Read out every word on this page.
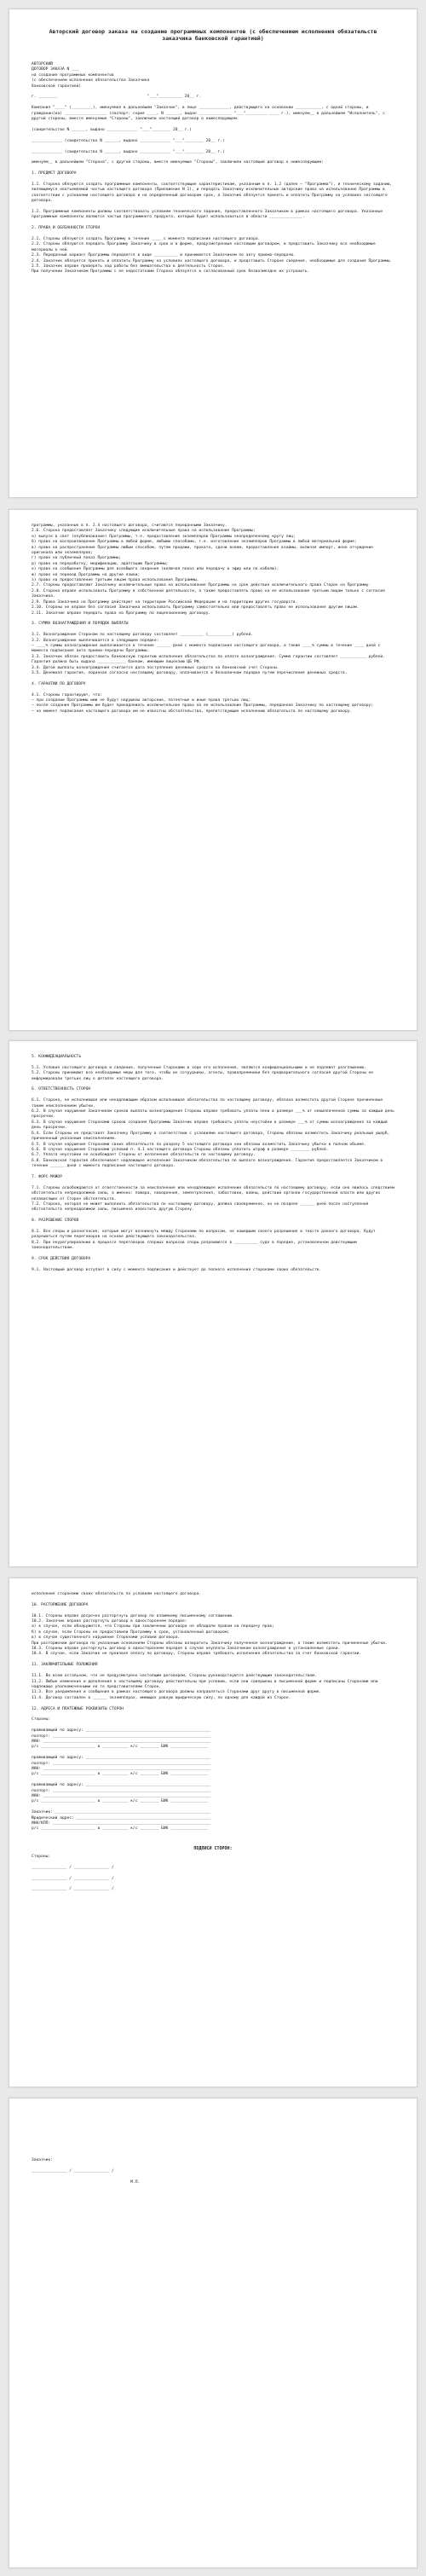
Авторский договор заказа на создание программных компонентов (с обеспечением исполнения обязательств заказчика банковской гарантией)
АВТОРСКИЙ
ДОГОВОР ЗАКАЗА N ___
на создание программных компонентов
(с обеспечением исполнения обязательства Заказчика
банковской гарантией)

г. ________                                      "___"__________ 20__ г.

Компания "____" (_________), именуемая в дальнейшем "Заказчик", в лице _____________, действующего на основании ___________, с одной стороны, и гражданин(ка) __________________ (паспорт: серия ____, N ______, выдан ______________ "___"_________ ____ г.), именуем__ в дальнейшем "Исполнитель", с другой стороны, вместе именуемые "Стороны", заключили настоящий договор о нижеследующем:

(свидетельство N ______, выдано _____________ "___"________ 20__ г.)

_____________ (свидетельство N ______, выдано _____________ "___"________ 20__ г.)

_____________ (свидетельство N ______, выдано _____________ "___"________ 20__ г.)

именуем__ в дальнейшем "Сторона", с другой стороны, вместе именуемые "Стороны", заключили настоящий договор о нижеследующем:

1. ПРЕДМЕТ ДОГОВОРА

1.1. Сторона обязуются создать программные компоненты, соответствующие характеристикам, указанным в п. 1.2 (далее — "Программа"), и техническому заданию, являющемуся неотъемлемой частью настоящего договора (Приложение N 1), и передать Заказчику исключительные авторские права на использование Программы в соответствии с условиями настоящего договора и на определенный договором срок, а Заказчик обязуется принять и оплатить Программу на условиях настоящего договора.

1.2. Программные компоненты должны соответствовать условиям технического задания, предоставленного Заказчиком в рамках настоящего договора. Указанные программные компоненты являются частью программного продукта, который будет использоваться в области ______________.

2. ПРАВА И ОБЯЗАННОСТИ СТОРОН

2.1. Стороны обязуются создать Программу в течение ____ с момента подписания настоящего договора.
2.2. Стороны обязуются передать Программу Заказчику в срок и в форме, предусмотренные настоящим договором, и представить Заказчику все необходимые материалы к ней.
2.3. Переданный вариант Программы передается в виде __________ и принимается Заказчиком по акту приема-передачи.
2.4. Заказчик обязуется принять и оплатить Программу на условиях настоящего договора, и представить Стороне сведения, необходимые для создания Программы.
2.5. Заказчик вправе проверять ход работы без вмешательства в деятельность Сторон.
При получении Заказчиком Программы с ее недостатками Сторона обязуется в согласованный срок безвозмездно их устранить.
программы, указанные в п. 2.4 настоящего договора, считаются переданными Заказчику.
2.6. Сторона предоставляет Заказчику следующие исключительные права на использование Программы:
а) выпуск в свет (опубликование) Программы, т.е. предоставление экземпляров Программы неопределенному кругу лиц;
б) право на воспроизведение Программы в любой форме, любыми способами, т.е. изготовление экземпляров Программы в любой материальной форме;
в) право на распространение Программы любым способом, путем продажи, проката, сдачи внаем, предоставления взаймы, включая импорт, иное отчуждение оригинала или экземпляров;
г) право на публичный показ Программы;
д) право на переработку, модификацию, адаптацию Программы;
е) право на сообщение Программы для всеобщего сведения (включая показ или передачу в эфир или по кабелю);
ж) право на перевод Программы на другие языки;
з) право на предоставление третьим лицам права использования Программы.
2.7. Стороны предоставляют Заказчику исключительные права на использование Программы на срок действия исключительного права Сторон на Программу.
2.8. Сторона вправе использовать Программу в собственной деятельности, а также предоставлять право на ее использование третьим лицам только с согласия Заказчика.
2.9. Права Заказчика на Программу действуют на территории Российской Федерации и на территории других государств.
2.10. Стороны не вправе без согласия Заказчика использовать Программу самостоятельно или предоставлять право ее использования другим лицам.
2.11. Заказчик вправе передать права на Программу по лицензионному договору.

3. СУММА ВОЗНАГРАЖДЕНИЯ И ПОРЯДОК ВЫПЛАТЫ

3.1. Вознаграждение Сторонам по настоящему договору составляет __________ (__________) рублей.
3.2. Вознаграждение выплачивается в следующем порядке:
— ____% суммы вознаграждения выплачивается в течение ______ дней с момента подписания настоящего договора, а также ____% суммы в течение ____ дней с момента подписания акта приема-передачи Программы.
3.3. Заказчик обязан предоставить банковскую гарантию исполнения обязательства по оплате вознаграждения. Сумма гарантии составляет ___________ рублей. Гарантия должна быть выдана ____________ банком, имеющим лицензию ЦБ РФ.
3.4. Датой выплаты вознаграждения считается дата поступления денежных средств на банковский счет Стороны.
3.5. Денежная гарантия, поданная согласно настоящему договору, оплачивается в безналичном порядке путем перечисления денежных средств.

4. ГАРАНТИИ ПО ДОГОВОРУ

4.1. Стороны гарантируют, что:
— при создании Программы ими не будут нарушены авторские, патентные и иные права третьих лиц;
— после создания Программы им будет принадлежать исключительное право на ее использование Программы, переданное Заказчику по настоящему договору;
— на момент подписания настоящего договора им не известны обстоятельства, препятствующие исполнению обязательств по настоящему договору.
5. КОНФИДЕНЦИАЛЬНОСТЬ

5.1. Условия настоящего договора и сведения, полученные Сторонами в ходе его исполнения, являются конфиденциальными и не подлежат разглашению.
5.2. Стороны принимают все необходимые меры для того, чтобы их сотрудники, агенты, правопреемники без предварительного согласия другой Стороны не информировали третьих лиц о деталях настоящего договора.

6. ОТВЕТСТВЕННОСТЬ СТОРОН

6.1. Сторона, не исполнившая или ненадлежащим образом исполнившая обязательства по настоящему договору, обязана возместить другой Стороне причиненные таким неисполнением убытки.
6.2. В случае нарушения Заказчиком сроков выплаты вознаграждения Стороны вправе требовать уплаты пени в размере ___% от невыплаченной суммы за каждый день просрочки.
6.3. В случае нарушения Сторонами сроков создания Программы Заказчик вправе требовать уплаты неустойки в размере ___% от суммы вознаграждения за каждый день просрочки.
6.4. Если Стороны не представят Заказчику Программу в соответствии с условиями настоящего договора, Стороны обязаны возместить Заказчику реальный ущерб, причиненный указанным неисполнением.
6.5. В случае нарушения Сторонами своих обязательств по разделу 5 настоящего договора они обязаны возместить Заказчику убытки в полном объеме.
6.6. В случае нарушения Сторонами условий п. 4.1 настоящего договора Стороны обязаны уплатить штраф в размере ________ рублей.
6.7. Уплата неустойки не освобождает Стороны от исполнения обязательств по настоящему договору.
6.8. Банковская гарантия обеспечивает надлежащее исполнение Заказчиком обязательства по выплате вознаграждения. Гарантия предоставляется Заказчиком в течение ______ дней с момента подписания настоящего договора.

7. ФОРС-МАЖОР

7.1. Стороны освобождаются от ответственности за неисполнение или ненадлежащее исполнение обязательств по настоящему договору, если оно явилось следствием обстоятельств непреодолимой силы, а именно: пожара, наводнения, землетрясения, забастовки, войны, действий органов государственной власти или других независящих от Сторон обстоятельств.
7.2. Сторона, которая не может выполнить обязательства по настоящему договору, должна своевременно, но не позднее ______ дней после наступления обстоятельств непреодолимой силы, письменно известить другую Сторону.

8. РАЗРЕШЕНИЕ СПОРОВ

8.1. Все споры и разногласия, которые могут возникнуть между Сторонами по вопросам, не нашедшим своего разрешения в тексте данного договора, будут разрешаться путем переговоров на основе действующего законодательства.
8.2. При неурегулировании в процессе переговоров спорных вопросов споры разрешаются в __________ суде в порядке, установленном действующим законодательством.

9. СРОК ДЕЙСТВИЯ ДОГОВОРА

9.1. Настоящий договор вступает в силу с момента подписания и действует до полного исполнения сторонами своих обязательств.
исполнения сторонами своих обязательств по условиям настоящего договора.

10. РАСТОРЖЕНИЕ ДОГОВОРА

10.1. Стороны вправе досрочно расторгнуть договор по взаимному письменному соглашению.
10.2. Заказчик вправе расторгнуть договор в одностороннем порядке:
а) в случае, если обнаружится, что Стороны при заключении договора не обладали правом на передачу прав;
б) в случае, если Стороны не предоставили Программу в срок, установленный договором;
в) в случае существенного нарушения Сторонами условий договора.
При расторжении договора по указанным основаниям Стороны обязаны возвратить Заказчику полученное вознаграждение, а также возместить причиненные убытки.
10.3. Стороны вправе расторгнуть договор в одностороннем порядке в случае неуплаты Заказчиком вознаграждения в установленные сроки.
10.4. В случае, если Заказчик не произвел оплату по договору, Стороны вправе требовать исполнения обязательства за счет банковской гарантии.

11. ЗАКЛЮЧИТЕЛЬНЫЕ ПОЛОЖЕНИЯ

11.1. Во всем остальном, что не предусмотрено настоящим договором, Стороны руководствуются действующим законодательством.
11.2. Любые изменения и дополнения к настоящему договору действительны при условии, если они совершены в письменной форме и подписаны Сторонами или надлежаще уполномоченными на то представителями Сторон.
11.3. Все уведомления и сообщения в рамках настоящего договора должны направляться Сторонами друг другу в письменной форме.
11.4. Договор составлен в ______ экземплярах, имеющих равную юридическую силу, по одному для каждой из Сторон.

12. АДРЕСА И ПЛАТЕЖНЫЕ РЕКВИЗИТЫ СТОРОН

Стороны:

проживающий по адресу: _____________________________________________________
паспорт: ___________________________________________________________________
ИНН: _______________________________________________________________________
р/с _______________________ в ___________ к/с ________ БИК ________________

проживающий по адресу: _____________________________________________________
паспорт: ___________________________________________________________________
ИНН: _______________________________________________________________________
р/с _______________________ в ___________ к/с ________ БИК ________________

проживающий по адресу: _____________________________________________________
паспорт: ___________________________________________________________________
ИНН: _______________________________________________________________________
р/с _______________________ в ___________ к/с ________ БИК ________________

Заказчик: __________________________________________________________________
Юридический адрес: _________________________________________________________
ИНН/КПП: ___________________________________________________________________
р/с _______________________ в ___________ к/с ________ БИК ________________
ПОДПИСИ СТОРОН:
Стороны:

_______________ / _______________ /

_______________ / _______________ /

_______________ / _______________ /
Заказчик:

_______________ / _______________ /

М.П.
